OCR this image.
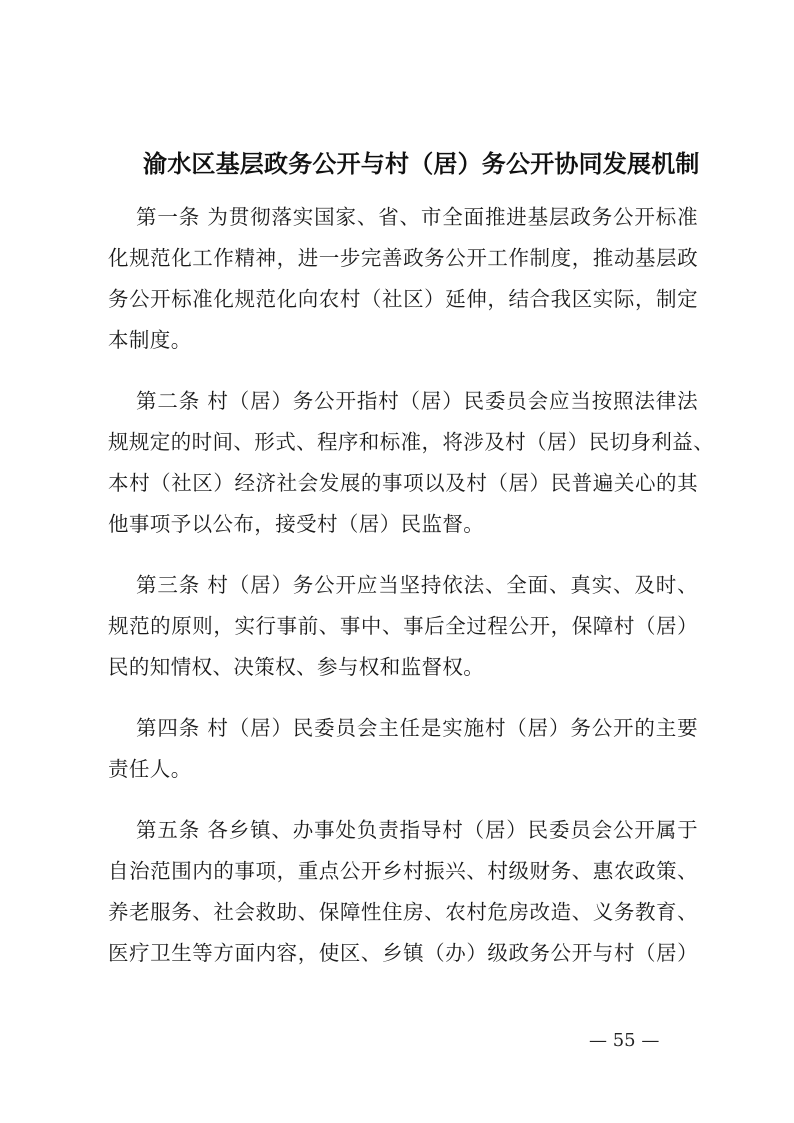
渝水区基层政务公开与村（居）务公开协同发展机制
第一条 为贯彻落实国家、省、市全面推进基层政务公开标准
化规范化工作精神，进一步完善政务公开工作制度，推动基层政
务公开标准化规范化向农村（社区）延伸，结合我区实际，制定
本制度。
第二条 村（居）务公开指村（居）民委员会应当按照法律法
规规定的时间、形式、程序和标准，将涉及村（居）民切身利益、
本村（社区）经济社会发展的事项以及村（居）民普遍关心的其
他事项予以公布，接受村（居）民监督。
第三条 村（居）务公开应当坚持依法、全面、真实、及时、
规范的原则，实行事前、事中、事后全过程公开，保障村（居）
民的知情权、决策权、参与权和监督权。
第四条 村（居）民委员会主任是实施村（居）务公开的主要
责任人。
第五条 各乡镇、办事处负责指导村（居）民委员会公开属于
自治范围内的事项，重点公开乡村振兴、村级财务、惠农政策、
养老服务、社会救助、保障性住房、农村危房改造、义务教育、
医疗卫生等方面内容，使区、乡镇（办）级政务公开与村（居）
— 55 —
